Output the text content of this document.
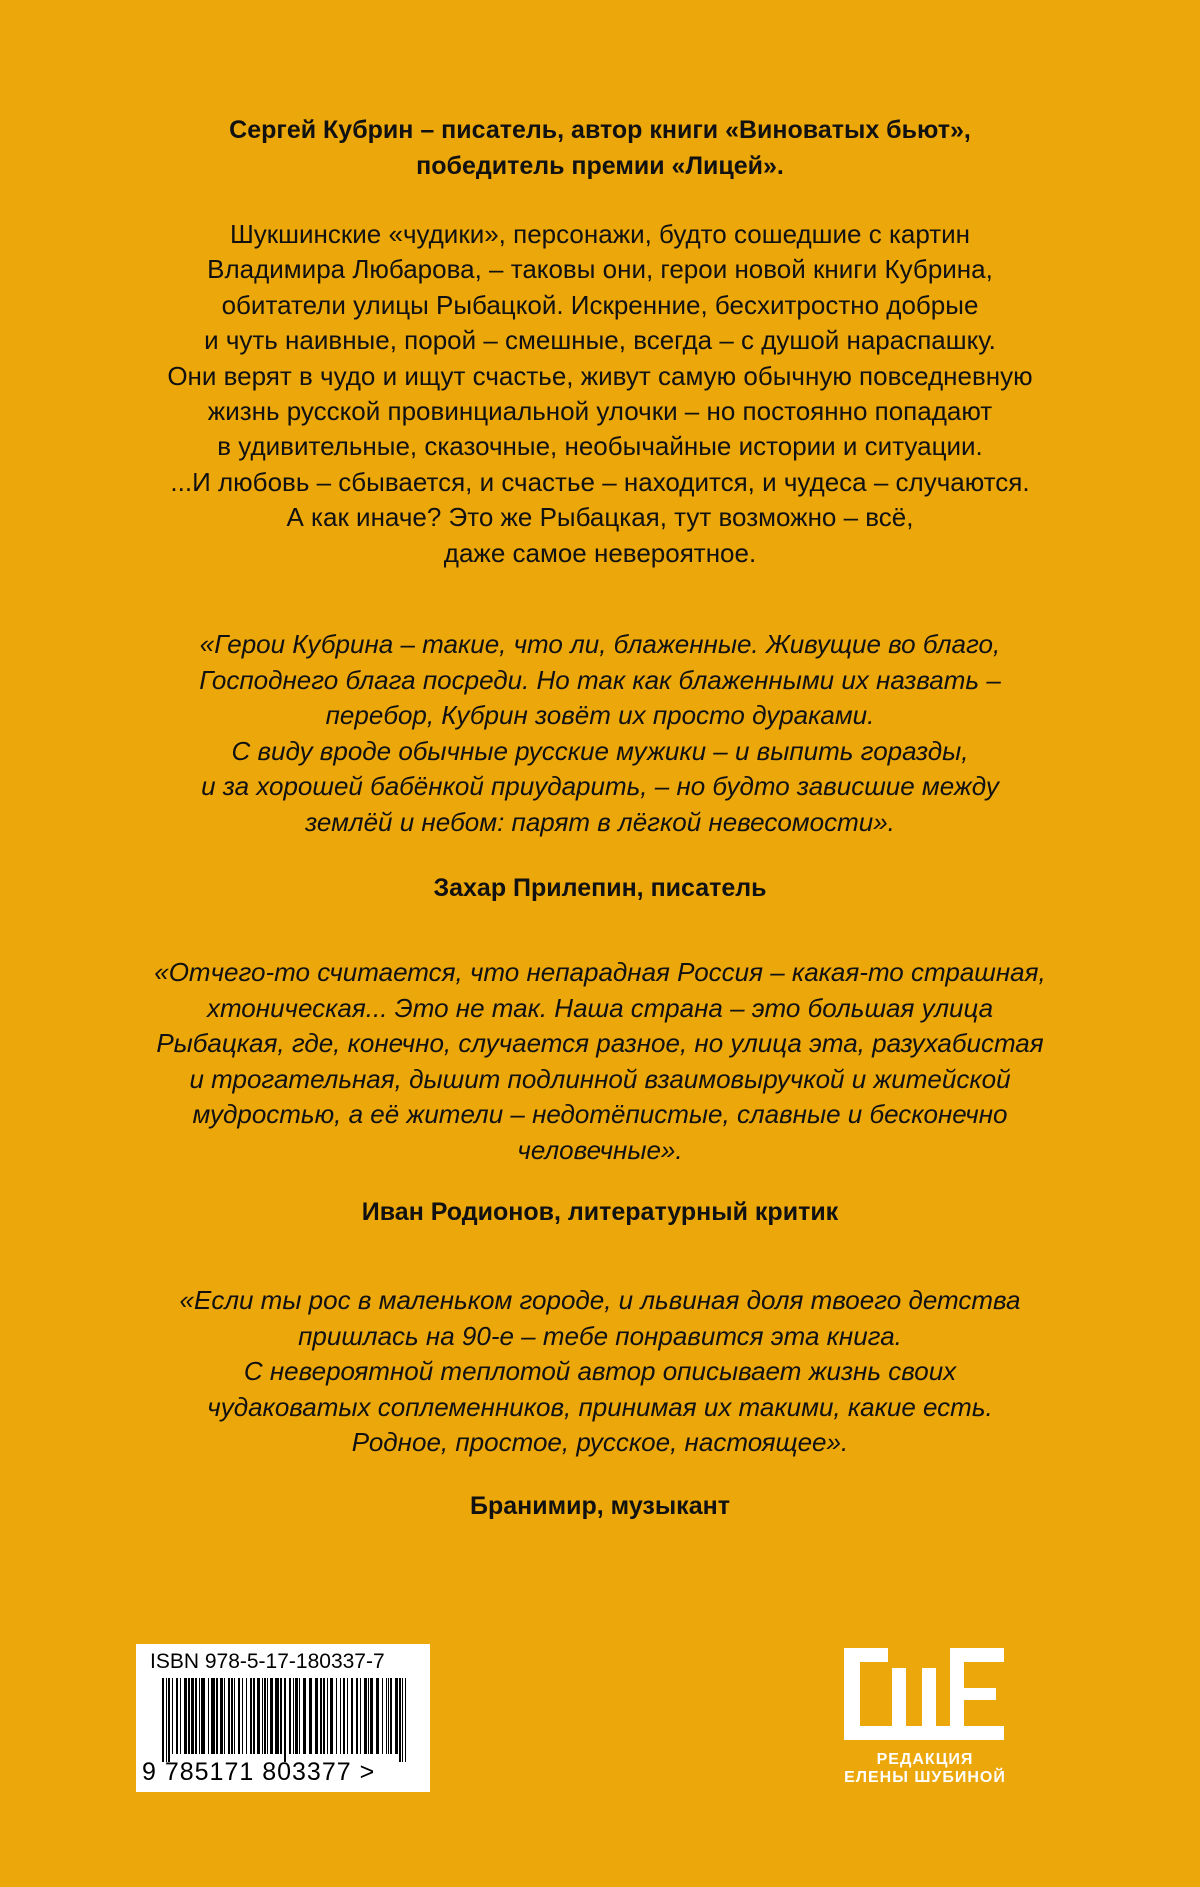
Сергей Кубрин – писатель, автор книги «Виноватых бьют»,
победитель премии «Лицей».
Шукшинские «чудики», персонажи, будто сошедшие с картин
Владимира Любарова, – таковы они, герои новой книги Кубрина,
обитатели улицы Рыбацкой. Искренние, бесхитростно добрые
и чуть наивные, порой – смешные, всегда – с душой нараспашку.
Они верят в чудо и ищут счастье, живут самую обычную повседневную
жизнь русской провинциальной улочки – но постоянно попадают
в удивительные, сказочные, необычайные истории и ситуации.
...И любовь – сбывается, и счастье – находится, и чудеса – случаются.
А как иначе? Это же Рыбацкая, тут возможно – всё,
даже самое невероятное.
«Герои Кубрина – такие, что ли, блаженные. Живущие во благо,
Господнего блага посреди. Но так как блаженными их назвать –
перебор, Кубрин зовёт их просто дураками.
С виду вроде обычные русские мужики – и выпить горазды,
и за хорошей бабёнкой приударить, – но будто зависшие между
землёй и небом: парят в лёгкой невесомости».
Захар Прилепин, писатель
«Отчего-то считается, что непарадная Россия – какая-то страшная,
хтоническая... Это не так. Наша страна – это большая улица
Рыбацкая, где, конечно, случается разное, но улица эта, разухабистая
и трогательная, дышит подлинной взаимовыручкой и житейской
мудростью, а её жители – недотёпистые, славные и бесконечно
человечные».
Иван Родионов, литературный критик
«Если ты рос в маленьком городе, и львиная доля твоего детства
пришлась на 90-е – тебе понравится эта книга.
С невероятной теплотой автор описывает жизнь своих
чудаковатых соплеменников, принимая их такими, какие есть.
Родное, простое, русское, настоящее».
Бранимир, музыкант
ISBN 978-5-17-180337-7
9 785171 803377 >	РЕДАКЦИЯ
ЕЛЕНЫ ШУБИНОЙ
